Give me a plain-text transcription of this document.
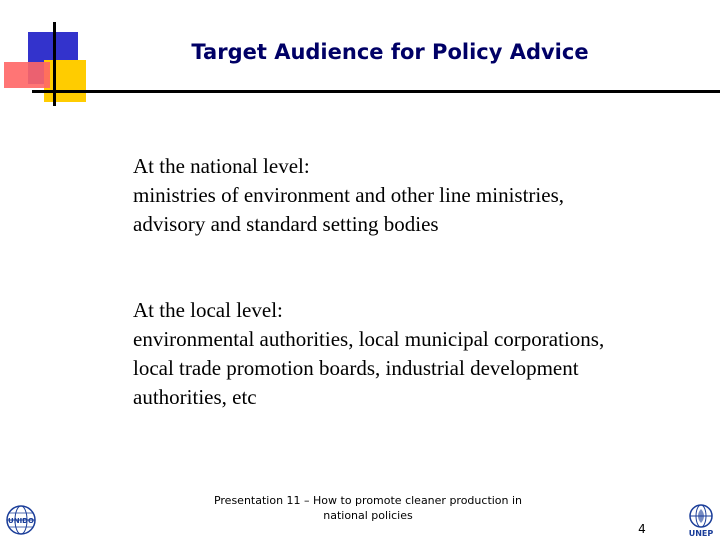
Target Audience for Policy Advice
At the national level:
ministries of environment and other line ministries,
advisory and standard setting bodies
At the local level:
environmental authorities, local municipal corporations,
local trade promotion boards, industrial development
authorities, etc
Presentation 11 – How to promote cleaner production in
national policies
4
UNIDO
UNEP
